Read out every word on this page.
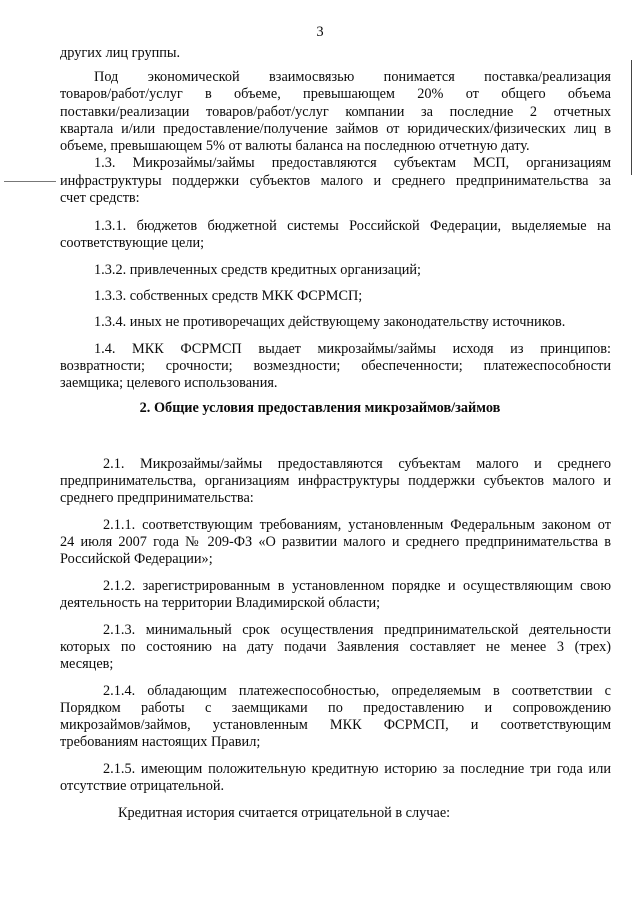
3
других лиц группы.
Под экономической взаимосвязью понимается поставка/реализация
товаров/работ/услуг в объеме, превышающем 20% от общего объема
поставки/реализации товаров/работ/услуг компании за последние 2 отчетных
квартала и/или предоставление/получение займов от юридических/физических лиц в
объеме, превышающем 5% от валюты баланса на последнюю отчетную дату.
1.3. Микрозаймы/займы предоставляются субъектам МСП, организациям
инфраструктуры поддержки субъектов малого и среднего предпринимательства за
счет средств:
1.3.1. бюджетов бюджетной системы Российской Федерации, выделяемые на
соответствующие цели;
1.3.2. привлеченных средств кредитных организаций;
1.3.3. собственных средств МКК ФСРМСП;
1.3.4. иных не противоречащих действующему законодательству источников.
1.4. МКК ФСРМСП выдает микрозаймы/займы исходя из принципов:
возвратности; срочности; возмездности; обеспеченности; платежеспособности
заемщика; целевого использования.
2. Общие условия предоставления микрозаймов/займов
2.1. Микрозаймы/займы предоставляются субъектам малого и среднего
предпринимательства, организациям инфраструктуры поддержки субъектов малого и
среднего предпринимательства:
2.1.1. соответствующим требованиям, установленным Федеральным законом от
24 июля 2007 года № 209-ФЗ «О развитии малого и среднего предпринимательства в
Российской Федерации»;
2.1.2. зарегистрированным в установленном порядке и осуществляющим свою
деятельность на территории Владимирской области;
2.1.3. минимальный срок осуществления предпринимательской деятельности
которых по состоянию на дату подачи Заявления составляет не менее 3 (трех)
месяцев;
2.1.4. обладающим платежеспособностью, определяемым в соответствии с
Порядком работы с заемщиками по предоставлению и сопровождению
микрозаймов/займов, установленным МКК ФСРМСП, и соответствующим
требованиям настоящих Правил;
2.1.5. имеющим положительную кредитную историю за последние три года или
отсутствие отрицательной.
Кредитная история считается отрицательной в случае:
